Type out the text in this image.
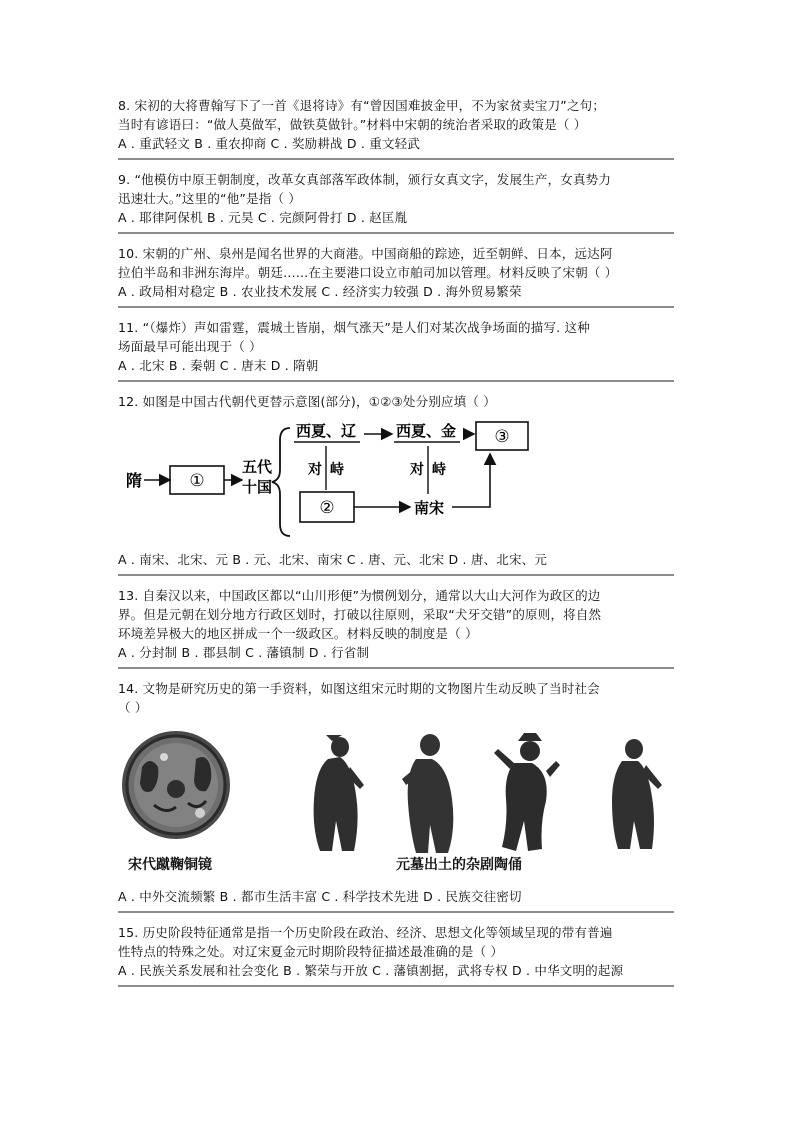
8. 宋初的大将曹翰写下了一首《退将诗》有“曾因国难披金甲，不为家贫卖宝刀”之句；
当时有谚语曰：“做人莫做军，做铁莫做针。”材料中宋朝的统治者采取的政策是（ ）
A . 重武轻文 B . 重农抑商 C . 奖励耕战 D . 重文轻武
9. “他模仿中原王朝制度，改革女真部落军政体制，颁行女真文字，发展生产，女真势力
迅速壮大。”这里的“他”是指（ ）
A . 耶律阿保机 B . 元昊 C . 完颜阿骨打 D . 赵匡胤
10. 宋朝的广州、泉州是闻名世界的大商港。中国商船的踪迹，近至朝鲜、日本，远达阿
拉伯半岛和非洲东海岸。朝廷……在主要港口设立市舶司加以管理。材料反映了宋朝（ ）
A . 政局相对稳定 B . 农业技术发展 C . 经济实力较强 D . 海外贸易繁荣
11. “（爆炸）声如雷霆，震城土皆崩，烟气涨天”是人们对某次战争场面的描写. 这种
场面最早可能出现于（ ）
A . 北宋 B . 秦朝 C . 唐末 D . 隋朝
12. 如图是中国古代朝代更替示意图(部分)，①②③处分别应填（ ）
隋	①
五代
十国
西夏、辽	西夏、金 ③
对 峙
②
对 峙
南宋
A . 南宋、北宋、元 B . 元、北宋、南宋 C . 唐、元、北宋 D . 唐、北宋、元
13. 自秦汉以来，中国政区都以“山川形便”为惯例划分，通常以大山大河作为政区的边
界。但是元朝在划分地方行政区划时，打破以往原则，采取“犬牙交错”的原则，将自然
环境差异极大的地区拼成一个一级政区。材料反映的制度是（ ）
A . 分封制 B . 郡县制 C . 藩镇制 D . 行省制
14. 文物是研究历史的第一手资料，如图这组宋元时期的文物图片生动反映了当时社会
（ ）
宋代蹴鞠铜镜	元墓出土的杂剧陶俑
A . 中外交流频繁 B . 都市生活丰富 C . 科学技术先进 D . 民族交往密切
15. 历史阶段特征通常是指一个历史阶段在政治、经济、思想文化等领域呈现的带有普遍
性特点的特殊之处。对辽宋夏金元时期阶段特征描述最准确的是（ ）
A . 民族关系发展和社会变化 B . 繁荣与开放 C . 藩镇割据，武将专权 D . 中华文明的起源
